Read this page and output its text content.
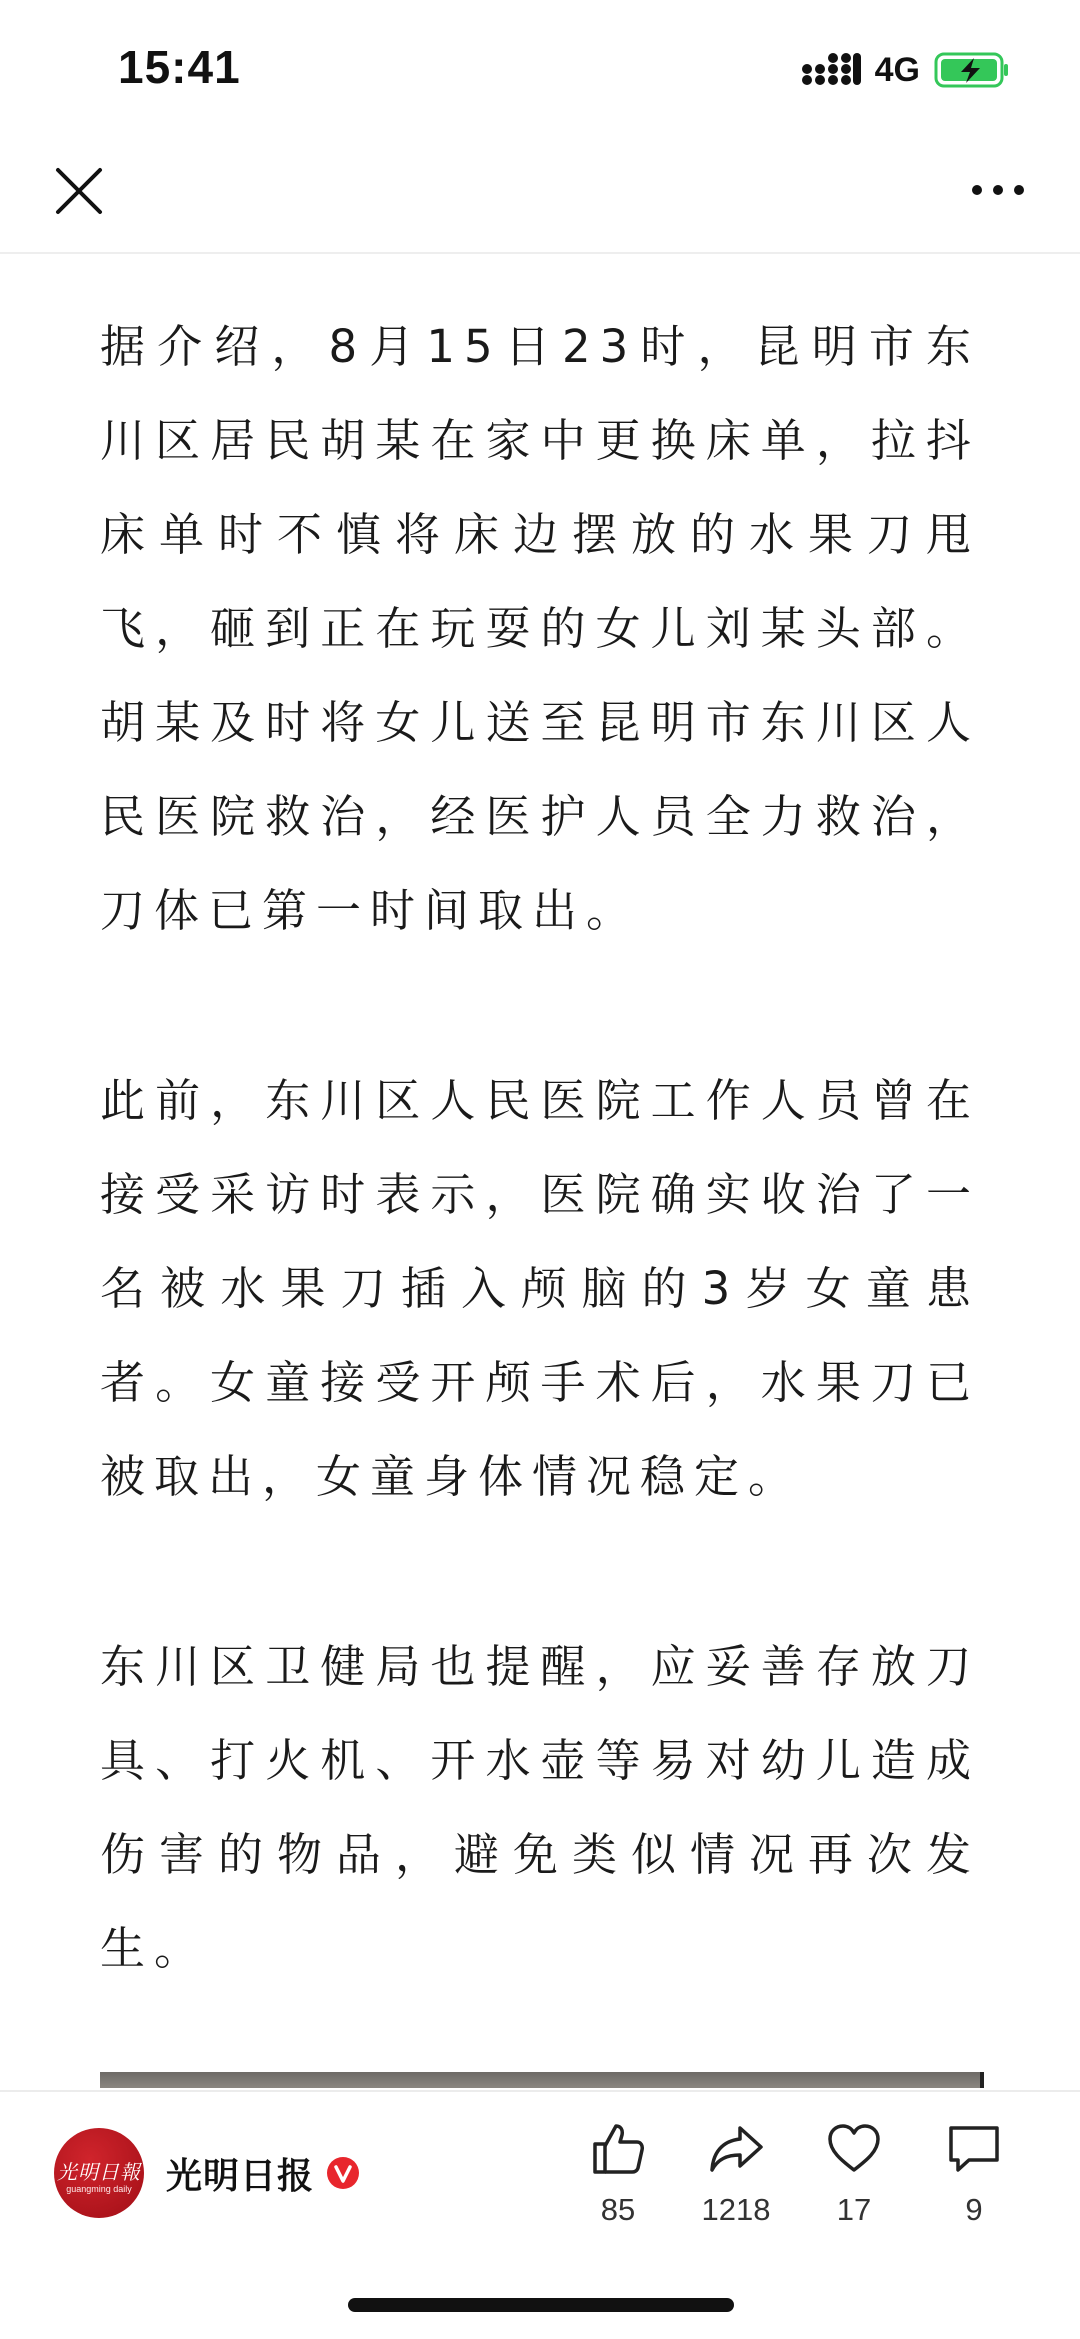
15:41	4G

据介绍，8月15日23时，昆明市东川区居民胡某在家中更换床单，拉抖床单时不慎将床边摆放的水果刀甩飞，砸到正在玩耍的女儿刘某头部。胡某及时将女儿送至昆明市东川区人民医院救治，经医护人员全力救治，刀体已第一时间取出。

此前，东川区人民医院工作人员曾在接受采访时表示，医院确实收治了一名被水果刀插入颅脑的3岁女童患者。女童接受开颅手术后，水果刀已被取出，女童身体情况稳定。

东川区卫健局也提醒，应妥善存放刀具、打火机、开水壶等易对幼儿造成伤害的物品，避免类似情况再次发生。

85	1218	17	9
光明日報
guangming daily 光明日报
